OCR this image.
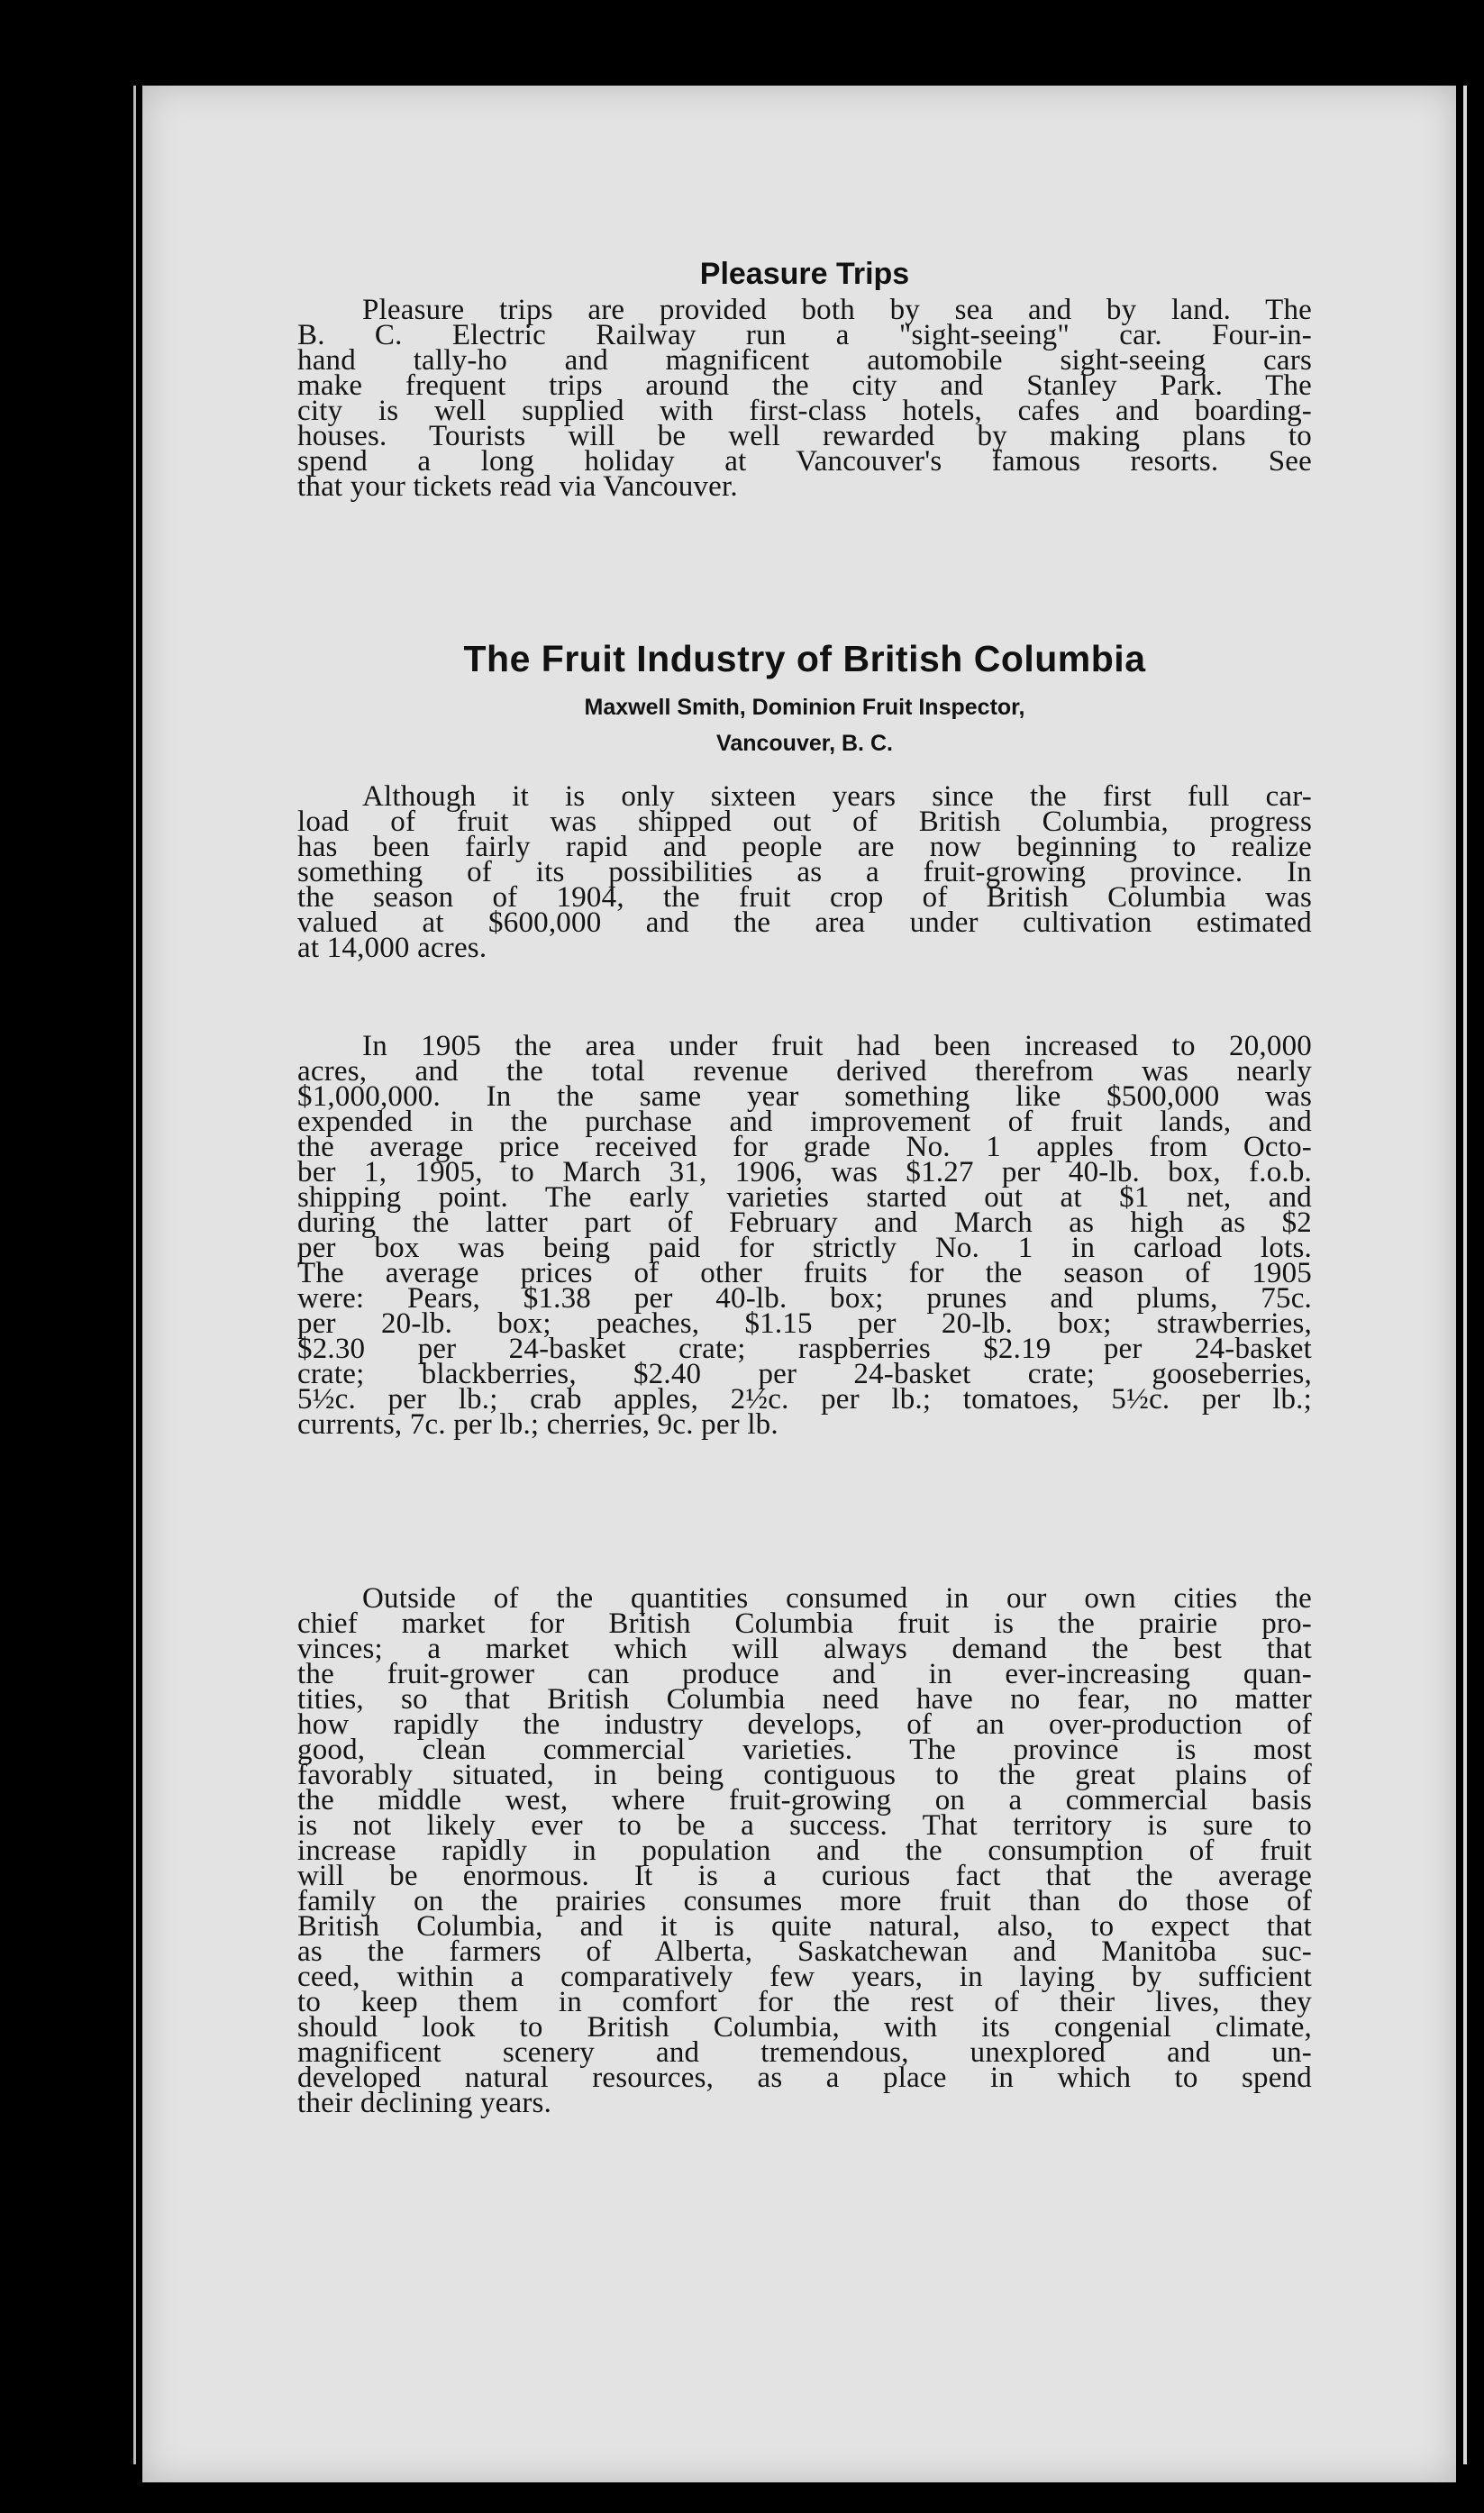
Pleasure Trips
Pleasure trips are provided both by sea and by land. The
B. C. Electric Railway run a "sight-seeing" car. Four-in-
hand tally-ho and magnificent automobile sight-seeing cars
make frequent trips around the city and Stanley Park. The
city is well supplied with first-class hotels, cafes and boarding-
houses. Tourists will be well rewarded by making plans to
spend a long holiday at Vancouver's famous resorts. See
that your tickets read via Vancouver.
The Fruit Industry of British Columbia
Maxwell Smith, Dominion Fruit Inspector,
Vancouver, B. C.
Although it is only sixteen years since the first full car-
load of fruit was shipped out of British Columbia, progress
has been fairly rapid and people are now beginning to realize
something of its possibilities as a fruit-growing province. In
the season of 1904, the fruit crop of British Columbia was
valued at $600,000 and the area under cultivation estimated
at 14,000 acres.
In 1905 the area under fruit had been increased to 20,000
acres, and the total revenue derived therefrom was nearly
$1,000,000. In the same year something like $500,000 was
expended in the purchase and improvement of fruit lands, and
the average price received for grade No. 1 apples from Octo-
ber 1, 1905, to March 31, 1906, was $1.27 per 40-lb. box, f.o.b.
shipping point. The early varieties started out at $1 net, and
during the latter part of February and March as high as $2
per box was being paid for strictly No. 1 in carload lots.
The average prices of other fruits for the season of 1905
were: Pears, $1.38 per 40-lb. box; prunes and plums, 75c.
per 20-lb. box; peaches, $1.15 per 20-lb. box; strawberries,
$2.30 per 24-basket crate; raspberries $2.19 per 24-basket
crate; blackberries, $2.40 per 24-basket crate; gooseberries,
5½c. per lb.; crab apples, 2½c. per lb.; tomatoes, 5½c. per lb.;
currents, 7c. per lb.; cherries, 9c. per lb.
Outside of the quantities consumed in our own cities the
chief market for British Columbia fruit is the prairie pro-
vinces; a market which will always demand the best that
the fruit-grower can produce and in ever-increasing quan-
tities, so that British Columbia need have no fear, no matter
how rapidly the industry develops, of an over-production of
good, clean commercial varieties. The province is most
favorably situated, in being contiguous to the great plains of
the middle west, where fruit-growing on a commercial basis
is not likely ever to be a success. That territory is sure to
increase rapidly in population and the consumption of fruit
will be enormous. It is a curious fact that the average
family on the prairies consumes more fruit than do those of
British Columbia, and it is quite natural, also, to expect that
as the farmers of Alberta, Saskatchewan and Manitoba suc-
ceed, within a comparatively few years, in laying by sufficient
to keep them in comfort for the rest of their lives, they
should look to British Columbia, with its congenial climate,
magnificent scenery and tremendous, unexplored and un-
developed natural resources, as a place in which to spend
their declining years.
